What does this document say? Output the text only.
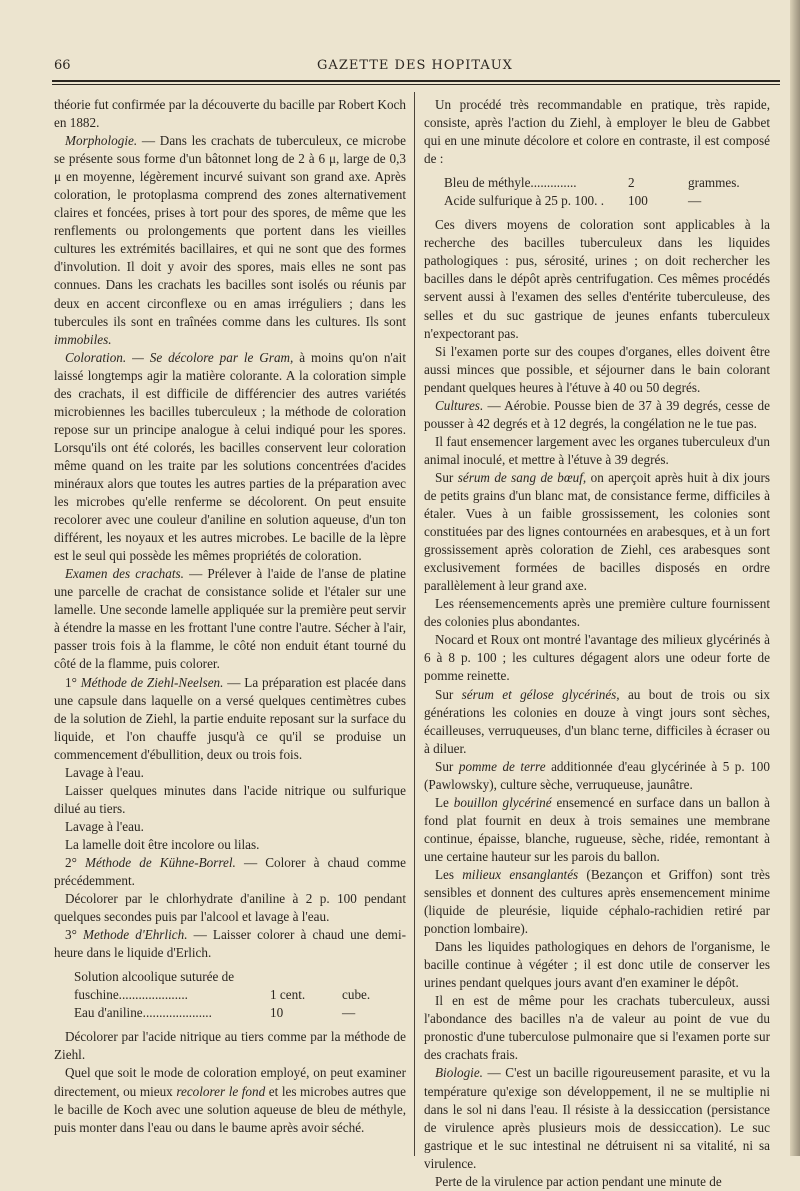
66	GAZETTE DES HOPITAUX

théorie fut confirmée par la découverte du bacille par Robert Koch en 1882.

Morphologie. — Dans les crachats de tuberculeux, ce microbe se présente sous forme d'un bâtonnet long de 2 à 6 μ, large de 0,3 μ en moyenne, légèrement incurvé suivant son grand axe. Après coloration, le protoplasma comprend des zones alternativement claires et foncées, prises à tort pour des spores, de même que les renflements ou prolongements que portent dans les vieilles cultures les extrémités bacillaires, et qui ne sont que des formes d'involution. Il doit y avoir des spores, mais elles ne sont pas connues. Dans les crachats les bacilles sont isolés ou réunis par deux en accent circonflexe ou en amas irréguliers ; dans les tubercules ils sont en traînées comme dans les cultures. Ils sont immobiles.

Coloration. — Se décolore par le Gram, à moins qu'on n'ait laissé longtemps agir la matière colorante. A la coloration simple des crachats, il est difficile de différencier des autres variétés microbiennes les bacilles tuberculeux ; la méthode de coloration repose sur un principe analogue à celui indiqué pour les spores. Lorsqu'ils ont été colorés, les bacilles conservent leur coloration même quand on les traite par les solutions concentrées d'acides minéraux alors que toutes les autres parties de la préparation avec les microbes qu'elle renferme se décolorent. On peut ensuite recolorer avec une couleur d'aniline en solution aqueuse, d'un ton différent, les noyaux et les autres microbes. Le bacille de la lèpre est le seul qui possède les mêmes propriétés de coloration.

Examen des crachats. — Prélever à l'aide de l'anse de platine une parcelle de crachat de consistance solide et l'étaler sur une lamelle. Une seconde lamelle appliquée sur la première peut servir à étendre la masse en les frottant l'une contre l'autre. Sécher à l'air, passer trois fois à la flamme, le côté non enduit étant tourné du côté de la flamme, puis colorer.

1° Méthode de Ziehl-Neelsen. — La préparation est placée dans une capsule dans laquelle on a versé quelques centimètres cubes de la solution de Ziehl, la partie enduite reposant sur la surface du liquide, et l'on chauffe jusqu'à ce qu'il se produise un commencement d'ébullition, deux ou trois fois.

Lavage à l'eau.

Laisser quelques minutes dans l'acide nitrique ou sulfurique dilué au tiers.

Lavage à l'eau.

La lamelle doit être incolore ou lilas.

2° Méthode de Kühne-Borrel. — Colorer à chaud comme précédemment.

Décolorer par le chlorhydrate d'aniline à 2 p. 100 pendant quelques secondes puis par l'alcool et lavage à l'eau.

3° Methode d'Ehrlich. — Laisser colorer à chaud une demi-heure dans le liquide d'Erlich.

Solution alcoolique suturée de
fuschine.....................	1 cent.	cube.
Eau d'aniline.....................	10	—

Décolorer par l'acide nitrique au tiers comme par la méthode de Ziehl.

Quel que soit le mode de coloration employé, on peut examiner directement, ou mieux recolorer le fond et les microbes autres que le bacille de Koch avec une solution aqueuse de bleu de méthyle, puis monter dans l'eau ou dans le baume après avoir séché.

Un procédé très recommandable en pratique, très rapide, consiste, après l'action du Ziehl, à employer le bleu de Gabbet qui en une minute décolore et colore en contraste, il est composé de :

Bleu de méthyle..............	2	grammes.
Acide sulfurique à 25 p. 100. .	100	—

Ces divers moyens de coloration sont applicables à la recherche des bacilles tuberculeux dans les liquides pathologiques : pus, sérosité, urines ; on doit rechercher les bacilles dans le dépôt après centrifugation. Ces mêmes procédés servent aussi à l'examen des selles d'entérite tuberculeuse, des selles et du suc gastrique de jeunes enfants tuberculeux n'expectorant pas.

Si l'examen porte sur des coupes d'organes, elles doivent être aussi minces que possible, et séjourner dans le bain colorant pendant quelques heures à l'étuve à 40 ou 50 degrés.

Cultures. — Aérobie. Pousse bien de 37 à 39 degrés, cesse de pousser à 42 degrés et à 12 degrés, la congélation ne le tue pas.

Il faut ensemencer largement avec les organes tuberculeux d'un animal inoculé, et mettre à l'étuve à 39 degrés.

Sur sérum de sang de bœuf, on aperçoit après huit à dix jours de petits grains d'un blanc mat, de consistance ferme, difficiles à étaler. Vues à un faible grossissement, les colonies sont constituées par des lignes contournées en arabesques, et à un fort grossissement après coloration de Ziehl, ces arabesques sont exclusivement formées de bacilles disposés en ordre parallèlement à leur grand axe.

Les réensemencements après une première culture fournissent des colonies plus abondantes.

Nocard et Roux ont montré l'avantage des milieux glycérinés à 6 à 8 p. 100 ; les cultures dégagent alors une odeur forte de pomme reinette.

Sur sérum et gélose glycérinés, au bout de trois ou six générations les colonies en douze à vingt jours sont sèches, écailleuses, verruqueuses, d'un blanc terne, difficiles à écraser ou à diluer.

Sur pomme de terre additionnée d'eau glycérinée à 5 p. 100 (Pawlowsky), culture sèche, verruqueuse, jaunâtre.

Le bouillon glycériné ensemencé en surface dans un ballon à fond plat fournit en deux à trois semaines une membrane continue, épaisse, blanche, rugueuse, sèche, ridée, remontant à une certaine hauteur sur les parois du ballon.

Les milieux ensanglantés (Bezançon et Griffon) sont très sensibles et donnent des cultures après ensemencement minime (liquide de pleurésie, liquide céphalo-rachidien retiré par ponction lombaire).

Dans les liquides pathologiques en dehors de l'organisme, le bacille continue à végéter ; il est donc utile de conserver les urines pendant quelques jours avant d'en examiner le dépôt.

Il en est de même pour les crachats tuberculeux, aussi l'abondance des bacilles n'a de valeur au point de vue du pronostic d'une tuberculose pulmonaire que si l'examen porte sur des crachats frais.

Biologie. — C'est un bacille rigoureusement parasite, et vu la température qu'exige son développement, il ne se multiplie ni dans le sol ni dans l'eau. Il résiste à la dessiccation (persistance de virulence après plusieurs mois de dessiccation). Le suc gastrique et le suc intestinal ne détruisent ni sa vitalité, ni sa virulence.

Perte de la virulence par action pendant une minute de
